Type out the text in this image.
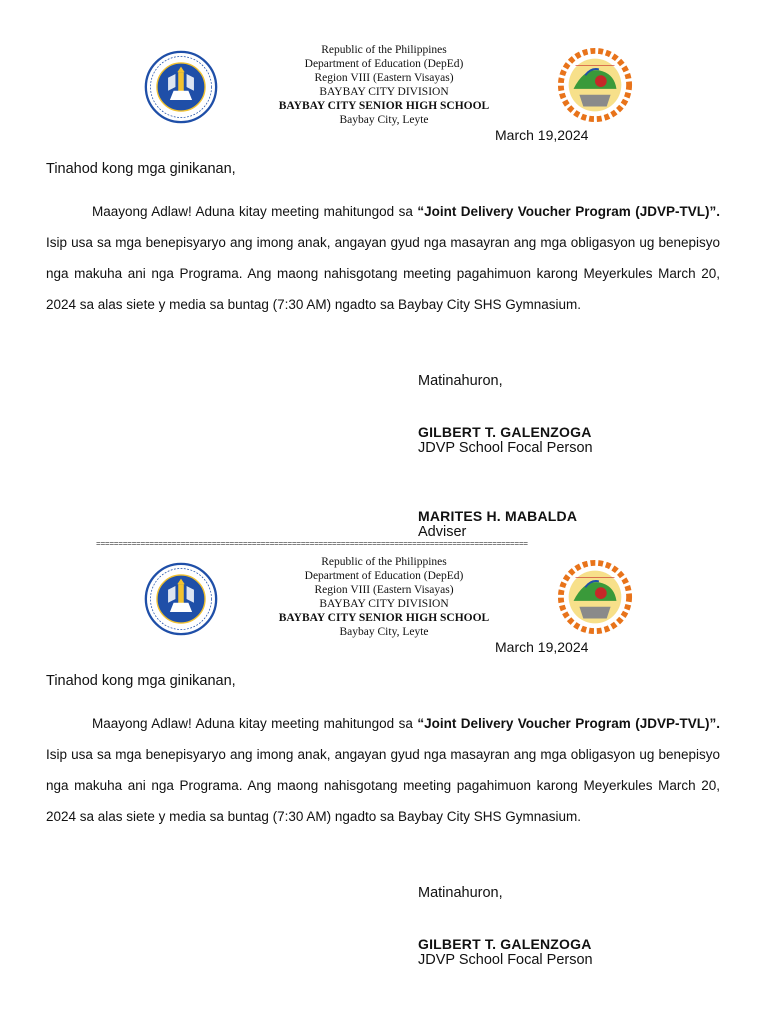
Republic of the Philippines
Department of Education (DepEd)
Region VIII (Eastern Visayas)
BAYBAY CITY DIVISION
BAYBAY CITY SENIOR HIGH SCHOOL
Baybay City, Leyte
March 19,2024
Tinahod kong mga ginikanan,

Maayong Adlaw! Aduna kitay meeting mahitungod sa “Joint Delivery Voucher Program (JDVP-TVL)”. Isip usa sa mga benepisyaryo ang imong anak, angayan gyud nga masayran ang mga obligasyon ug benepisyo nga makuha ani nga Programa. Ang maong nahisgotang meeting pagahimuon karong Meyerkules March 20, 2024 sa alas siete y media sa buntag (7:30 AM) ngadto sa Baybay City SHS Gymnasium.

Matinahuron,
GILBERT T. GALENZOGA
JDVP School Focal Person
MARITES H. MABALDA
Adviser
=================================================================================================
Republic of the Philippines
Department of Education (DepEd)
Region VIII (Eastern Visayas)
BAYBAY CITY DIVISION
BAYBAY CITY SENIOR HIGH SCHOOL
Baybay City, Leyte
March 19,2024
Tinahod kong mga ginikanan,

Maayong Adlaw! Aduna kitay meeting mahitungod sa “Joint Delivery Voucher Program (JDVP-TVL)”. Isip usa sa mga benepisyaryo ang imong anak, angayan gyud nga masayran ang mga obligasyon ug benepisyo nga makuha ani nga Programa. Ang maong nahisgotang meeting pagahimuon karong Meyerkules March 20, 2024 sa alas siete y media sa buntag (7:30 AM) ngadto sa Baybay City SHS Gymnasium.

Matinahuron,
GILBERT T. GALENZOGA
JDVP School Focal Person
